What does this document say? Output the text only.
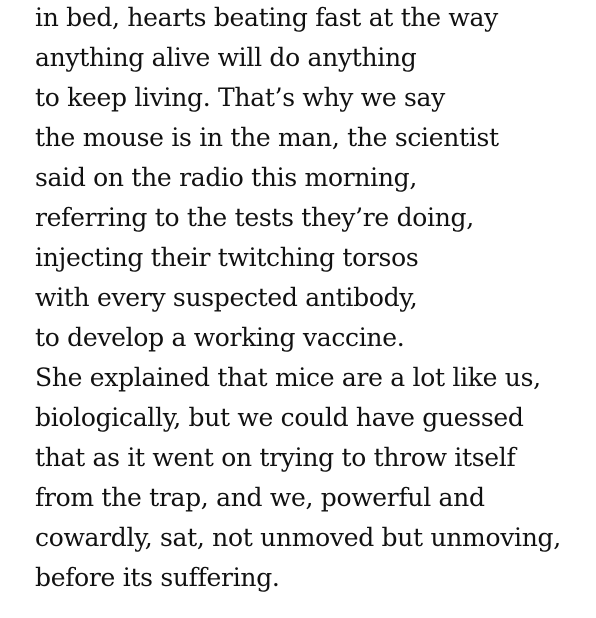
in bed, hearts beating fast at the way
anything alive will do anything
to keep living. That’s why we say
the mouse is in the man, the scientist
said on the radio this morning,
referring to the tests they’re doing,
injecting their twitching torsos
with every suspected antibody,
to develop a working vaccine.
She explained that mice are a lot like us,
biologically, but we could have guessed
that as it went on trying to throw itself
from the trap, and we, powerful and
cowardly, sat, not unmoved but unmoving,
before its suffering.
